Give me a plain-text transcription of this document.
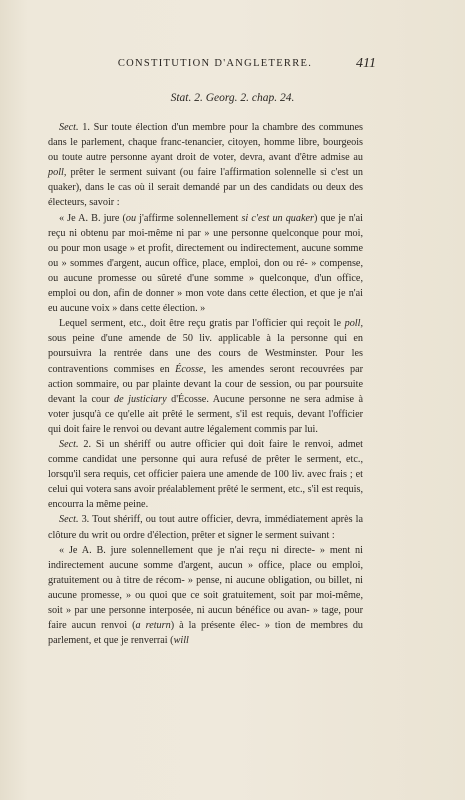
CONSTITUTION D'ANGLETERRE.	411
Stat. 2. Georg. 2. chap. 24.

Sect. 1. Sur toute élection d'un membre pour la chambre des communes dans le parlement, chaque franc-tenancier, citoyen, homme libre, bourgeois ou toute autre personne ayant droit de voter, devra, avant d'être admise au poll, prêter le serment suivant (ou faire l'affirmation solennelle si c'est un quaker), dans le cas où il serait demandé par un des candidats ou deux des électeurs, savoir :

« Je A. B. jure (ou j'affirme solennellement si c'est un quaker) que je n'ai reçu ni obtenu par moi-même ni par » une personne quelconque pour moi, ou pour mon usage » et profit, directement ou indirectement, aucune somme ou » sommes d'argent, aucun office, place, emploi, don ou ré- » compense, ou aucune promesse ou sûreté d'une somme » quelconque, d'un office, emploi ou don, afin de donner » mon vote dans cette élection, et que je n'ai eu aucune voix » dans cette élection. »

Lequel serment, etc., doit être reçu gratis par l'officier qui reçoit le poll, sous peine d'une amende de 50 liv. applicable à la personne qui en poursuivra la rentrée dans une des cours de Westminster. Pour les contraventions commises en Écosse, les amendes seront recouvrées par action sommaire, ou par plainte devant la cour de session, ou par poursuite devant la cour de justiciary d'Écosse. Aucune personne ne sera admise à voter jusqu'à ce qu'elle ait prêté le serment, s'il est requis, devant l'officier qui doit faire le renvoi ou devant autre légalement commis par lui.

Sect. 2. Si un shériff ou autre officier qui doit faire le renvoi, admet comme candidat une personne qui aura refusé de prêter le serment, etc., lorsqu'il sera requis, cet officier paiera une amende de 100 liv. avec frais ; et celui qui votera sans avoir préalablement prêté le serment, etc., s'il est requis, encourra la même peine.

Sect. 3. Tout shériff, ou tout autre officier, devra, immédiatement après la clôture du writ ou ordre d'élection, prêter et signer le serment suivant :

« Je A. B. jure solennellement que je n'ai reçu ni directe- » ment ni indirectement aucune somme d'argent, aucun » office, place ou emploi, gratuitement ou à titre de récom- » pense, ni aucune obligation, ou billet, ni aucune promesse, » ou quoi que ce soit gratuitement, soit par moi-même, soit » par une personne interposée, ni aucun bénéfice ou avan- » tage, pour faire aucun renvoi (a return) à la présente élec- » tion de membres du parlement, et que je renverrai (will
